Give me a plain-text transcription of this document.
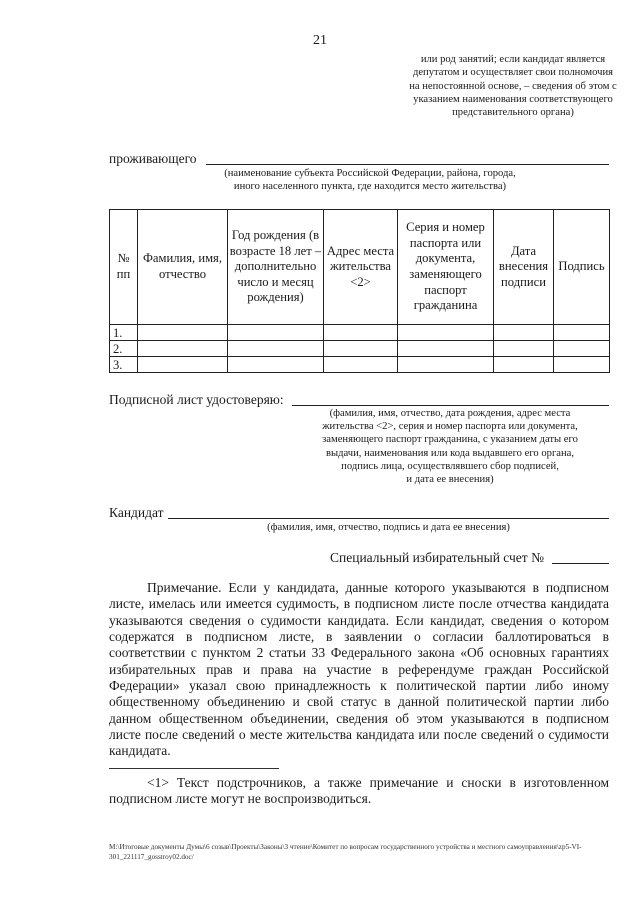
21
или род занятий; если кандидат является депутатом и осуществляет свои полномочия на непостоянной основе, – сведения об этом с указанием наименования соответствующего представительного органа)
проживающего
(наименование субъекта Российской Федерации, района, города,
иного населенного пункта, где находится место жительства)
№ пп	Фамилия, имя, отчество	Год рождения (в возрасте 18 лет – дополнительно число и месяц рождения)	Адрес места жительства <2>	Серия и номер паспорта или документа, заменяющего паспорт гражданина	Дата внесения подписи	Подпись
1.						
2.						
3.						
Подписной лист удостоверяю:
(фамилия, имя, отчество, дата рождения, адрес места
жительства <2>, серия и номер паспорта или документа,
заменяющего паспорт гражданина, с указанием даты его
выдачи, наименования или кода выдавшего его органа,
подпись лица, осуществлявшего сбор подписей,
и дата ее внесения)
Кандидат
(фамилия, имя, отчество, подпись и дата ее внесения)
Специальный избирательный счет №
Примечание. Если у кандидата, данные которого указываются в подписном листе, имелась или имеется судимость, в подписном листе после отчества кандидата указываются сведения о судимости кандидата. Если кандидат, сведения о котором содержатся в подписном листе, в заявлении о согласии баллотироваться в соответствии с пунктом 2 статьи 33 Федерального закона «Об основных гарантиях избирательных прав и права на участие в референдуме граждан Российской Федерации» указал свою принадлежность к политической партии либо иному общественному объединению и свой статус в данной политической партии либо данном общественном объединении, сведения об этом указываются в подписном листе после сведений о месте жительства кандидата или после сведений о судимости кандидата.
<1> Текст подстрочников, а также примечание и сноски в изготовленном подписном листе могут не воспроизводиться.
M:\Итоговые документы Думы\6 созыв\Проекты\Законы\3 чтение\Комитет по вопросам государственного устройства и местного самоуправления\zp5-VI-301_221117_gosstroy02.doc/
